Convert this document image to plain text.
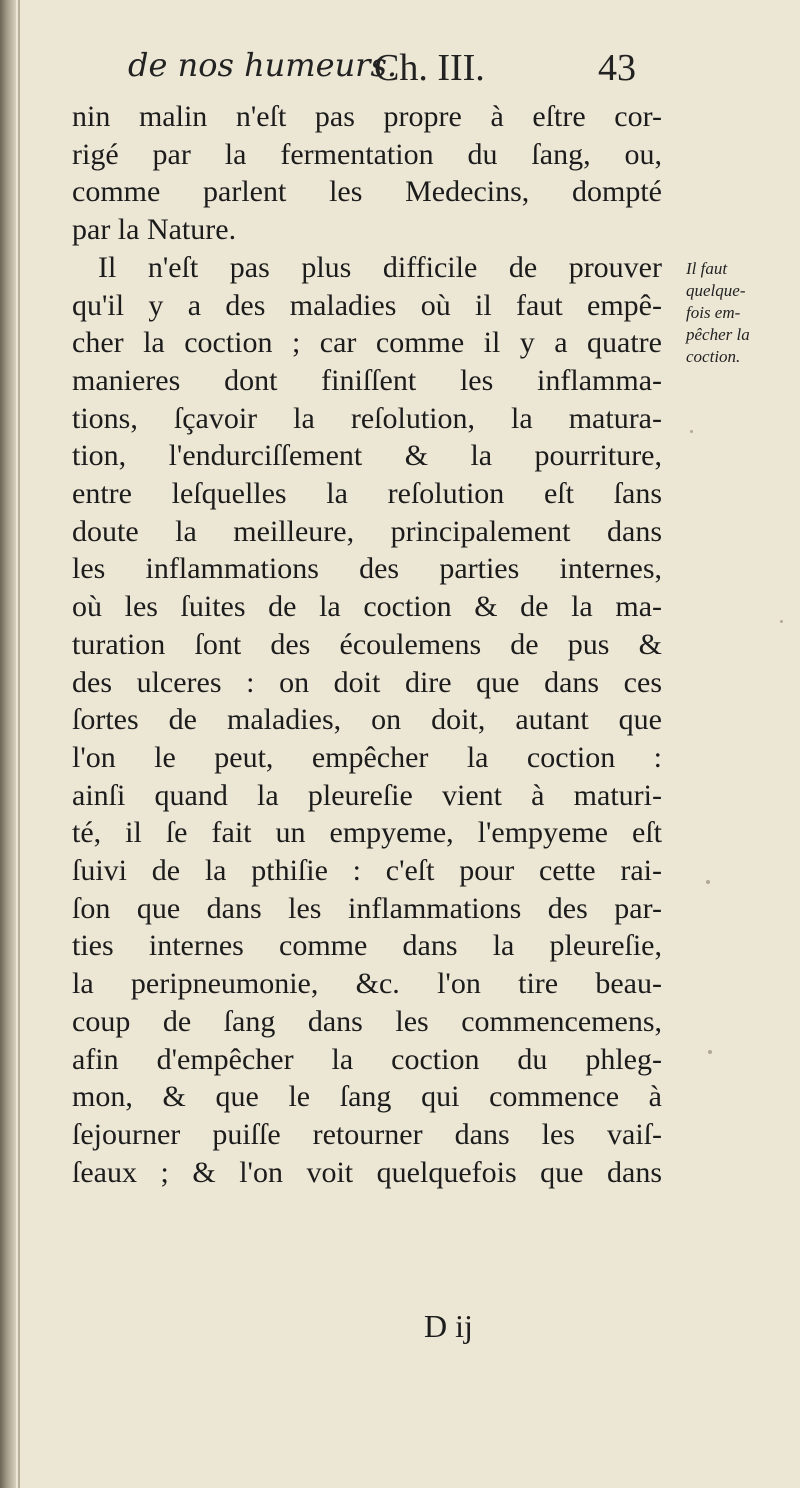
de nos humeurs.
Ch. III.	43
nin malin n'eſt pas propre à eſtre cor-
rigé par la fermentation du ſang, ou,
comme parlent les Medecins, dompté
par la Nature.
Il n'eſt pas plus difficile de prouver
qu'il y a des maladies où il faut empê-
cher la coction ; car comme il y a quatre
manieres dont finiſſent les inflamma-
tions, ſçavoir la reſolution, la matura-
tion, l'endurciſſement & la pourriture,
entre leſquelles la reſolution eſt ſans
doute la meilleure, principalement dans
les inflammations des parties internes,
où les ſuites de la coction & de la ma-
turation ſont des écoulemens de pus &
des ulceres : on doit dire que dans ces
ſortes de maladies, on doit, autant que
l'on le peut, empêcher la coction :
ainſi quand la pleureſie vient à maturi-
té, il ſe fait un empyeme, l'empyeme eſt
ſuivi de la pthiſie : c'eſt pour cette rai-
ſon que dans les inflammations des par-
ties internes comme dans la pleureſie,
la peripneumonie, &c. l'on tire beau-
coup de ſang dans les commencemens,
afin d'empêcher la coction du phleg-
mon, & que le ſang qui commence à
ſejourner puiſſe retourner dans les vaiſ-
ſeaux ; & l'on voit quelquefois que dans
Il faut
quelque-
fois em-
pêcher la
coction.
D ij
